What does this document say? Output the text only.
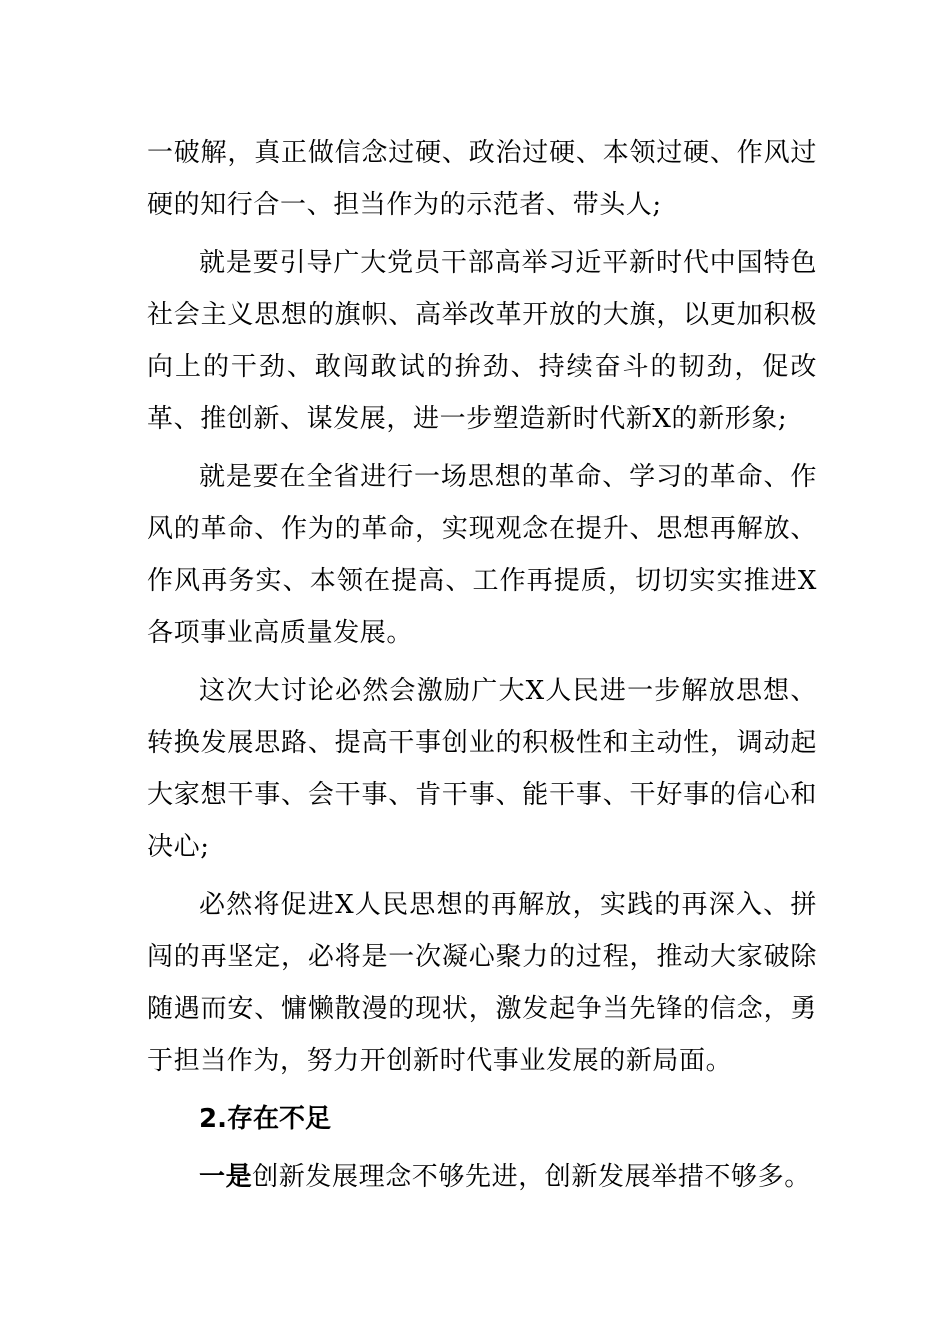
一破解，真正做信念过硬、政治过硬、本领过硬、作风过硬的知行合一、担当作为的示范者、带头人;

就是要引导广大党员干部高举习近平新时代中国特色社会主义思想的旗帜、高举改革开放的大旗，以更加积极向上的干劲、敢闯敢试的拚劲、持续奋斗的韧劲，促改革、推创新、谋发展，进一步塑造新时代新X的新形象;

就是要在全省进行一场思想的革命、学习的革命、作风的革命、作为的革命，实现观念在提升、思想再解放、作风再务实、本领在提高、工作再提质，切切实实推进X各项事业高质量发展。

这次大讨论必然会激励广大X人民进一步解放思想、转换发展思路、提高干事创业的积极性和主动性，调动起大家想干事、会干事、肯干事、能干事、干好事的信心和决心;

必然将促进X人民思想的再解放，实践的再深入、拼闯的再坚定，必将是一次凝心聚力的过程，推动大家破除随遇而安、慵懒散漫的现状，激发起争当先锋的信念，勇于担当作为，努力开创新时代事业发展的新局面。

2.存在不足

一是创新发展理念不够先进，创新发展举措不够多。
